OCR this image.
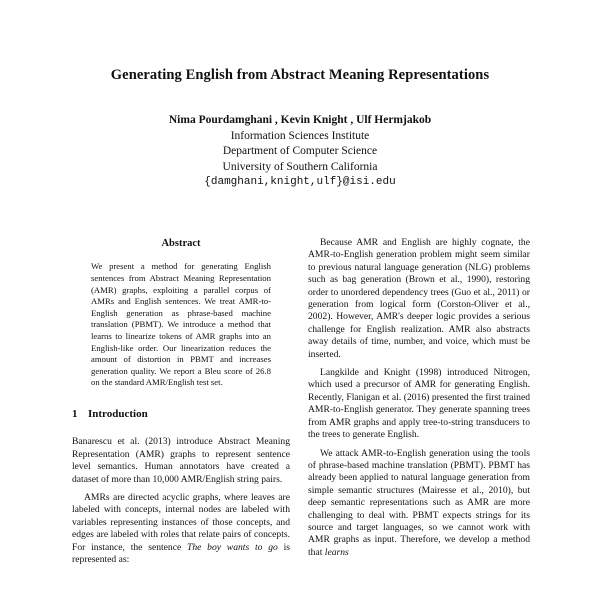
Generating English from Abstract Meaning Representations
Nima Pourdamghani , Kevin Knight , Ulf Hermjakob
Information Sciences Institute
Department of Computer Science
University of Southern California
{damghani,knight,ulf}@isi.edu
Abstract
We present a method for generating English sentences from Abstract Meaning Representation (AMR) graphs, exploiting a parallel corpus of AMRs and English sentences. We treat AMR-to-English generation as phrase-based machine translation (PBMT). We introduce a method that learns to linearize tokens of AMR graphs into an English-like order. Our linearization reduces the amount of distortion in PBMT and increases generation quality. We report a Bleu score of 26.8 on the standard AMR/English test set.
1 Introduction

Banarescu et al. (2013) introduce Abstract Meaning Representation (AMR) graphs to represent sentence level semantics. Human annotators have created a dataset of more than 10,000 AMR/English string pairs.

AMRs are directed acyclic graphs, where leaves are labeled with concepts, internal nodes are labeled with variables representing instances of those concepts, and edges are labeled with roles that relate pairs of concepts. For instance, the sentence The boy wants to go is represented as:

Because AMR and English are highly cognate, the AMR-to-English generation problem might seem similar to previous natural language generation (NLG) problems such as bag generation (Brown et al., 1990), restoring order to unordered dependency trees (Guo et al., 2011) or generation from logical form (Corston-Oliver et al., 2002). However, AMR's deeper logic provides a serious challenge for English realization. AMR also abstracts away details of time, number, and voice, which must be inserted.

Langkilde and Knight (1998) introduced Nitrogen, which used a precursor of AMR for generating English. Recently, Flanigan et al. (2016) presented the first trained AMR-to-English generator. They generate spanning trees from AMR graphs and apply tree-to-string transducers to the trees to generate English.

We attack AMR-to-English generation using the tools of phrase-based machine translation (PBMT). PBMT has already been applied to natural language generation from simple semantic structures (Mairesse et al., 2010), but deep semantic representations such as AMR are more challenging to deal with. PBMT expects strings for its source and target languages, so we cannot work with AMR graphs as input. Therefore, we develop a method that learns
